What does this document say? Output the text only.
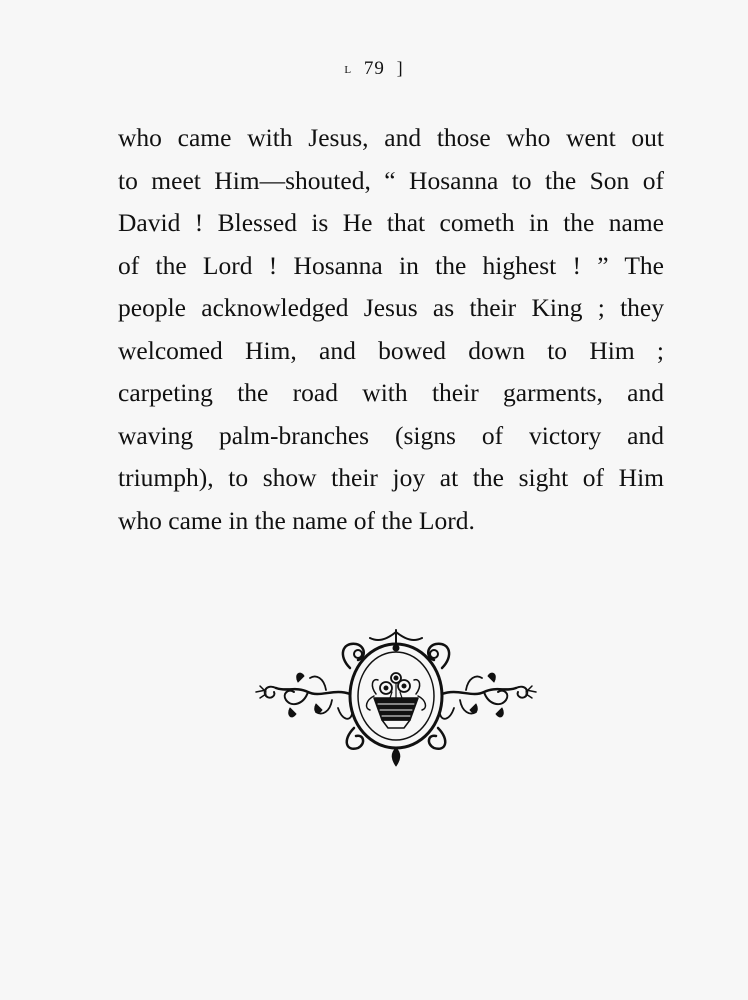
L 79 ]
who came with Jesus, and those who went out
to meet Him—shouted, “ Hosanna to the Son of
David ! Blessed is He that cometh in the name
of the Lord ! Hosanna in the highest ! ” The
people acknowledged Jesus as their King ; they
welcomed Him, and bowed down to Him ;
carpeting the road with their garments, and
waving palm-branches (signs of victory and
triumph), to show their joy at the sight of Him
who came in the name of the Lord.
